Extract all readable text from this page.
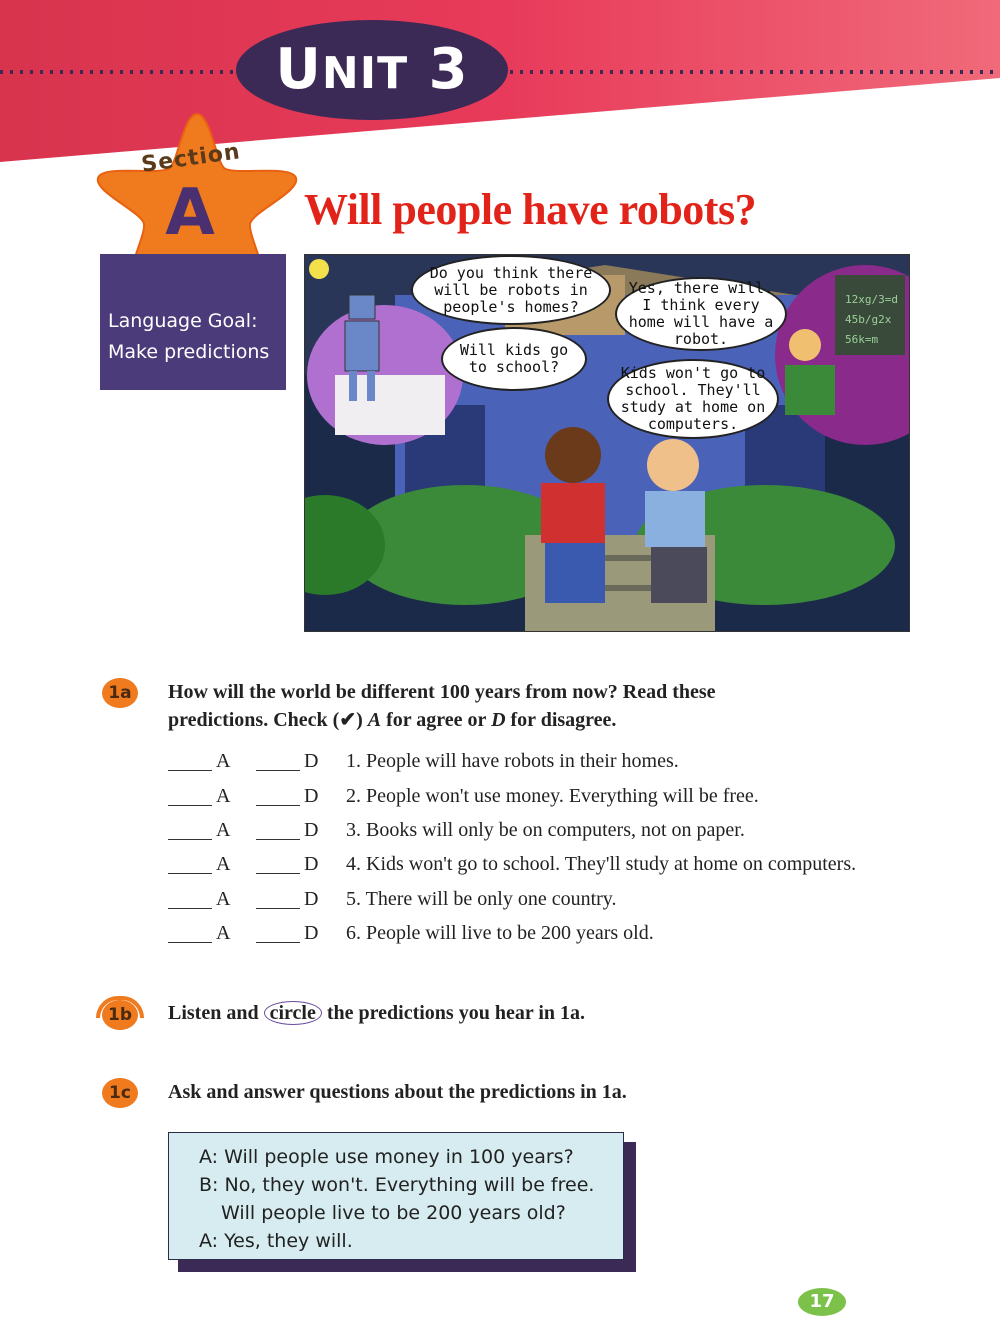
UNIT 3
Section
A
Language Goal:
Make predictions
Will people have robots?
12xg/3=d
45b/g2x
56k=m
Do you think there will be robots in people's homes?
Yes, there will. I think every home will have a robot.
Will kids go to school?	Kids won't go to school. They'll study at home on computers.
1a	How will the world be different 100 years from now? Read these
predictions. Check (✔) A for agree or D for disagree.
A	D 1. People will have robots in their homes.
A	D 2. People won't use money. Everything will be free.
A	D 3. Books will only be on computers, not on paper.
A	D 4. Kids won't go to school. They'll study at home on computers.
A	D 5. There will be only one country.
A	D 6. People will live to be 200 years old.
1b	Listen and circle the predictions you hear in 1a.
1c	Ask and answer questions about the predictions in 1a.
A: Will people use money in 100 years?
B: No, they won't. Everything will be free.
Will people live to be 200 years old?
A: Yes, they will.
17
